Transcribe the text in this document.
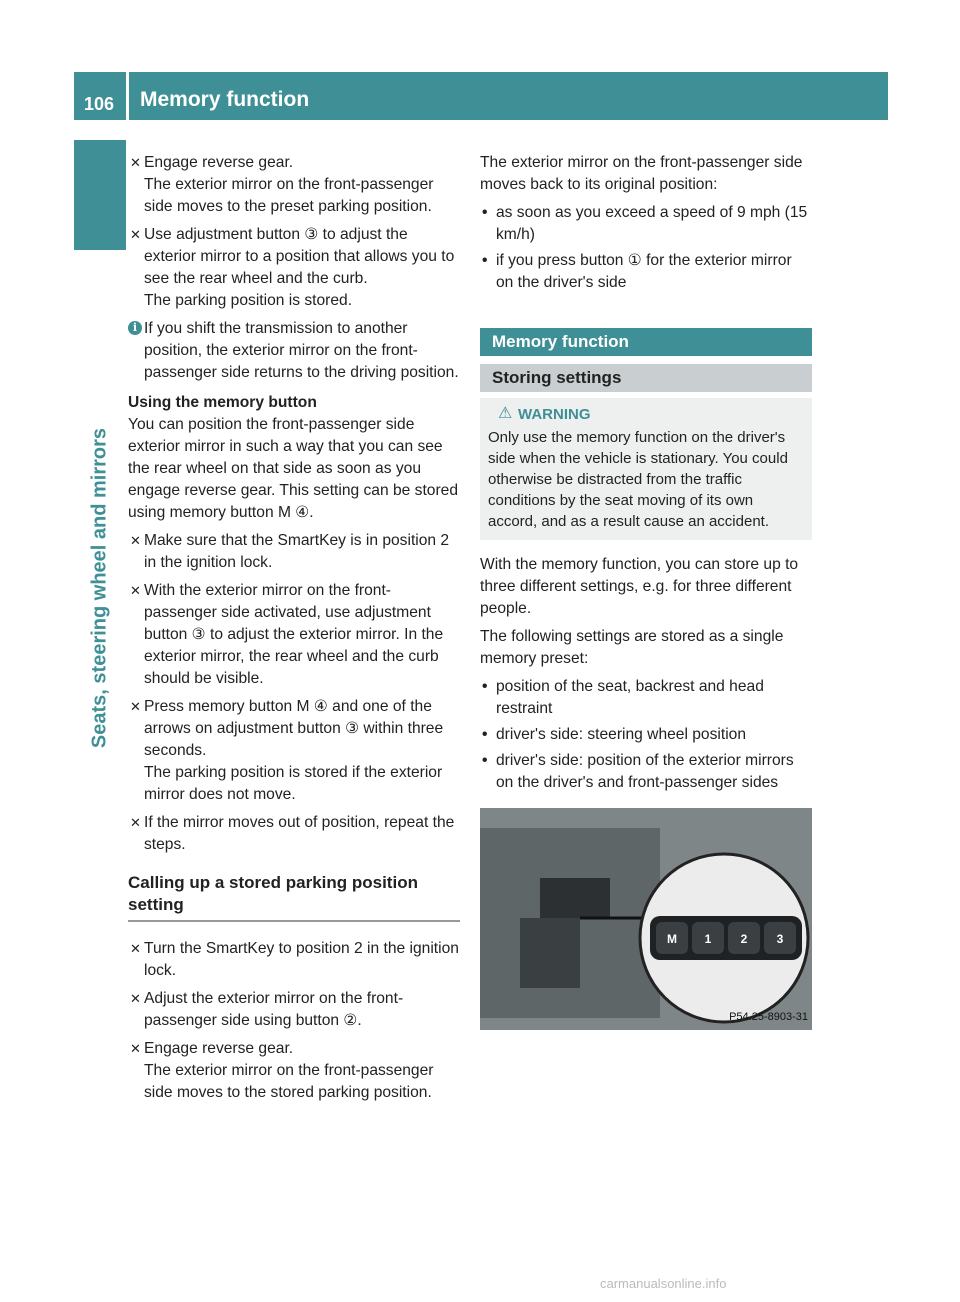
106 Memory function
Seats, steering wheel and mirrors
✕ Engage reverse gear.
The exterior mirror on the front-passenger side moves to the preset parking position.
✕ Use adjustment button ③ to adjust the exterior mirror to a position that allows you to see the rear wheel and the curb.
The parking position is stored.
i If you shift the transmission to another position, the exterior mirror on the front-passenger side returns to the driving position.
Using the memory button

You can position the front-passenger side exterior mirror in such a way that you can see the rear wheel on that side as soon as you engage reverse gear. This setting can be stored using memory button M ④.

✕ Make sure that the SmartKey is in position 2 in the ignition lock.
✕ With the exterior mirror on the front-passenger side activated, use adjustment button ③ to adjust the exterior mirror. In the exterior mirror, the rear wheel and the curb should be visible.
✕ Press memory button M ④ and one of the arrows on adjustment button ③ within three seconds.
The parking position is stored if the exterior mirror does not move.
✕ If the mirror moves out of position, repeat the steps.
Calling up a stored parking position setting
✕ Turn the SmartKey to position 2 in the ignition lock.
✕ Adjust the exterior mirror on the front-passenger side using button ②.
✕ Engage reverse gear.
The exterior mirror on the front-passenger side moves to the stored parking position.

The exterior mirror on the front-passenger side moves back to its original position:

• as soon as you exceed a speed of 9 mph (15 km/h)
• if you press button ① for the exterior mirror on the driver's side
Memory function
Storing settings
⚠ WARNING
Only use the memory function on the driver's side when the vehicle is stationary. You could otherwise be distracted from the traffic conditions by the seat moving of its own accord, and as a result cause an accident.

With the memory function, you can store up to three different settings, e.g. for three different people.

The following settings are stored as a single memory preset:

• position of the seat, backrest and head restraint
• driver's side: steering wheel position
• driver's side: position of the exterior mirrors on the driver's and front-passenger sides
M 1 2 3
P54.25-8903-31
carmanualsonline.info
